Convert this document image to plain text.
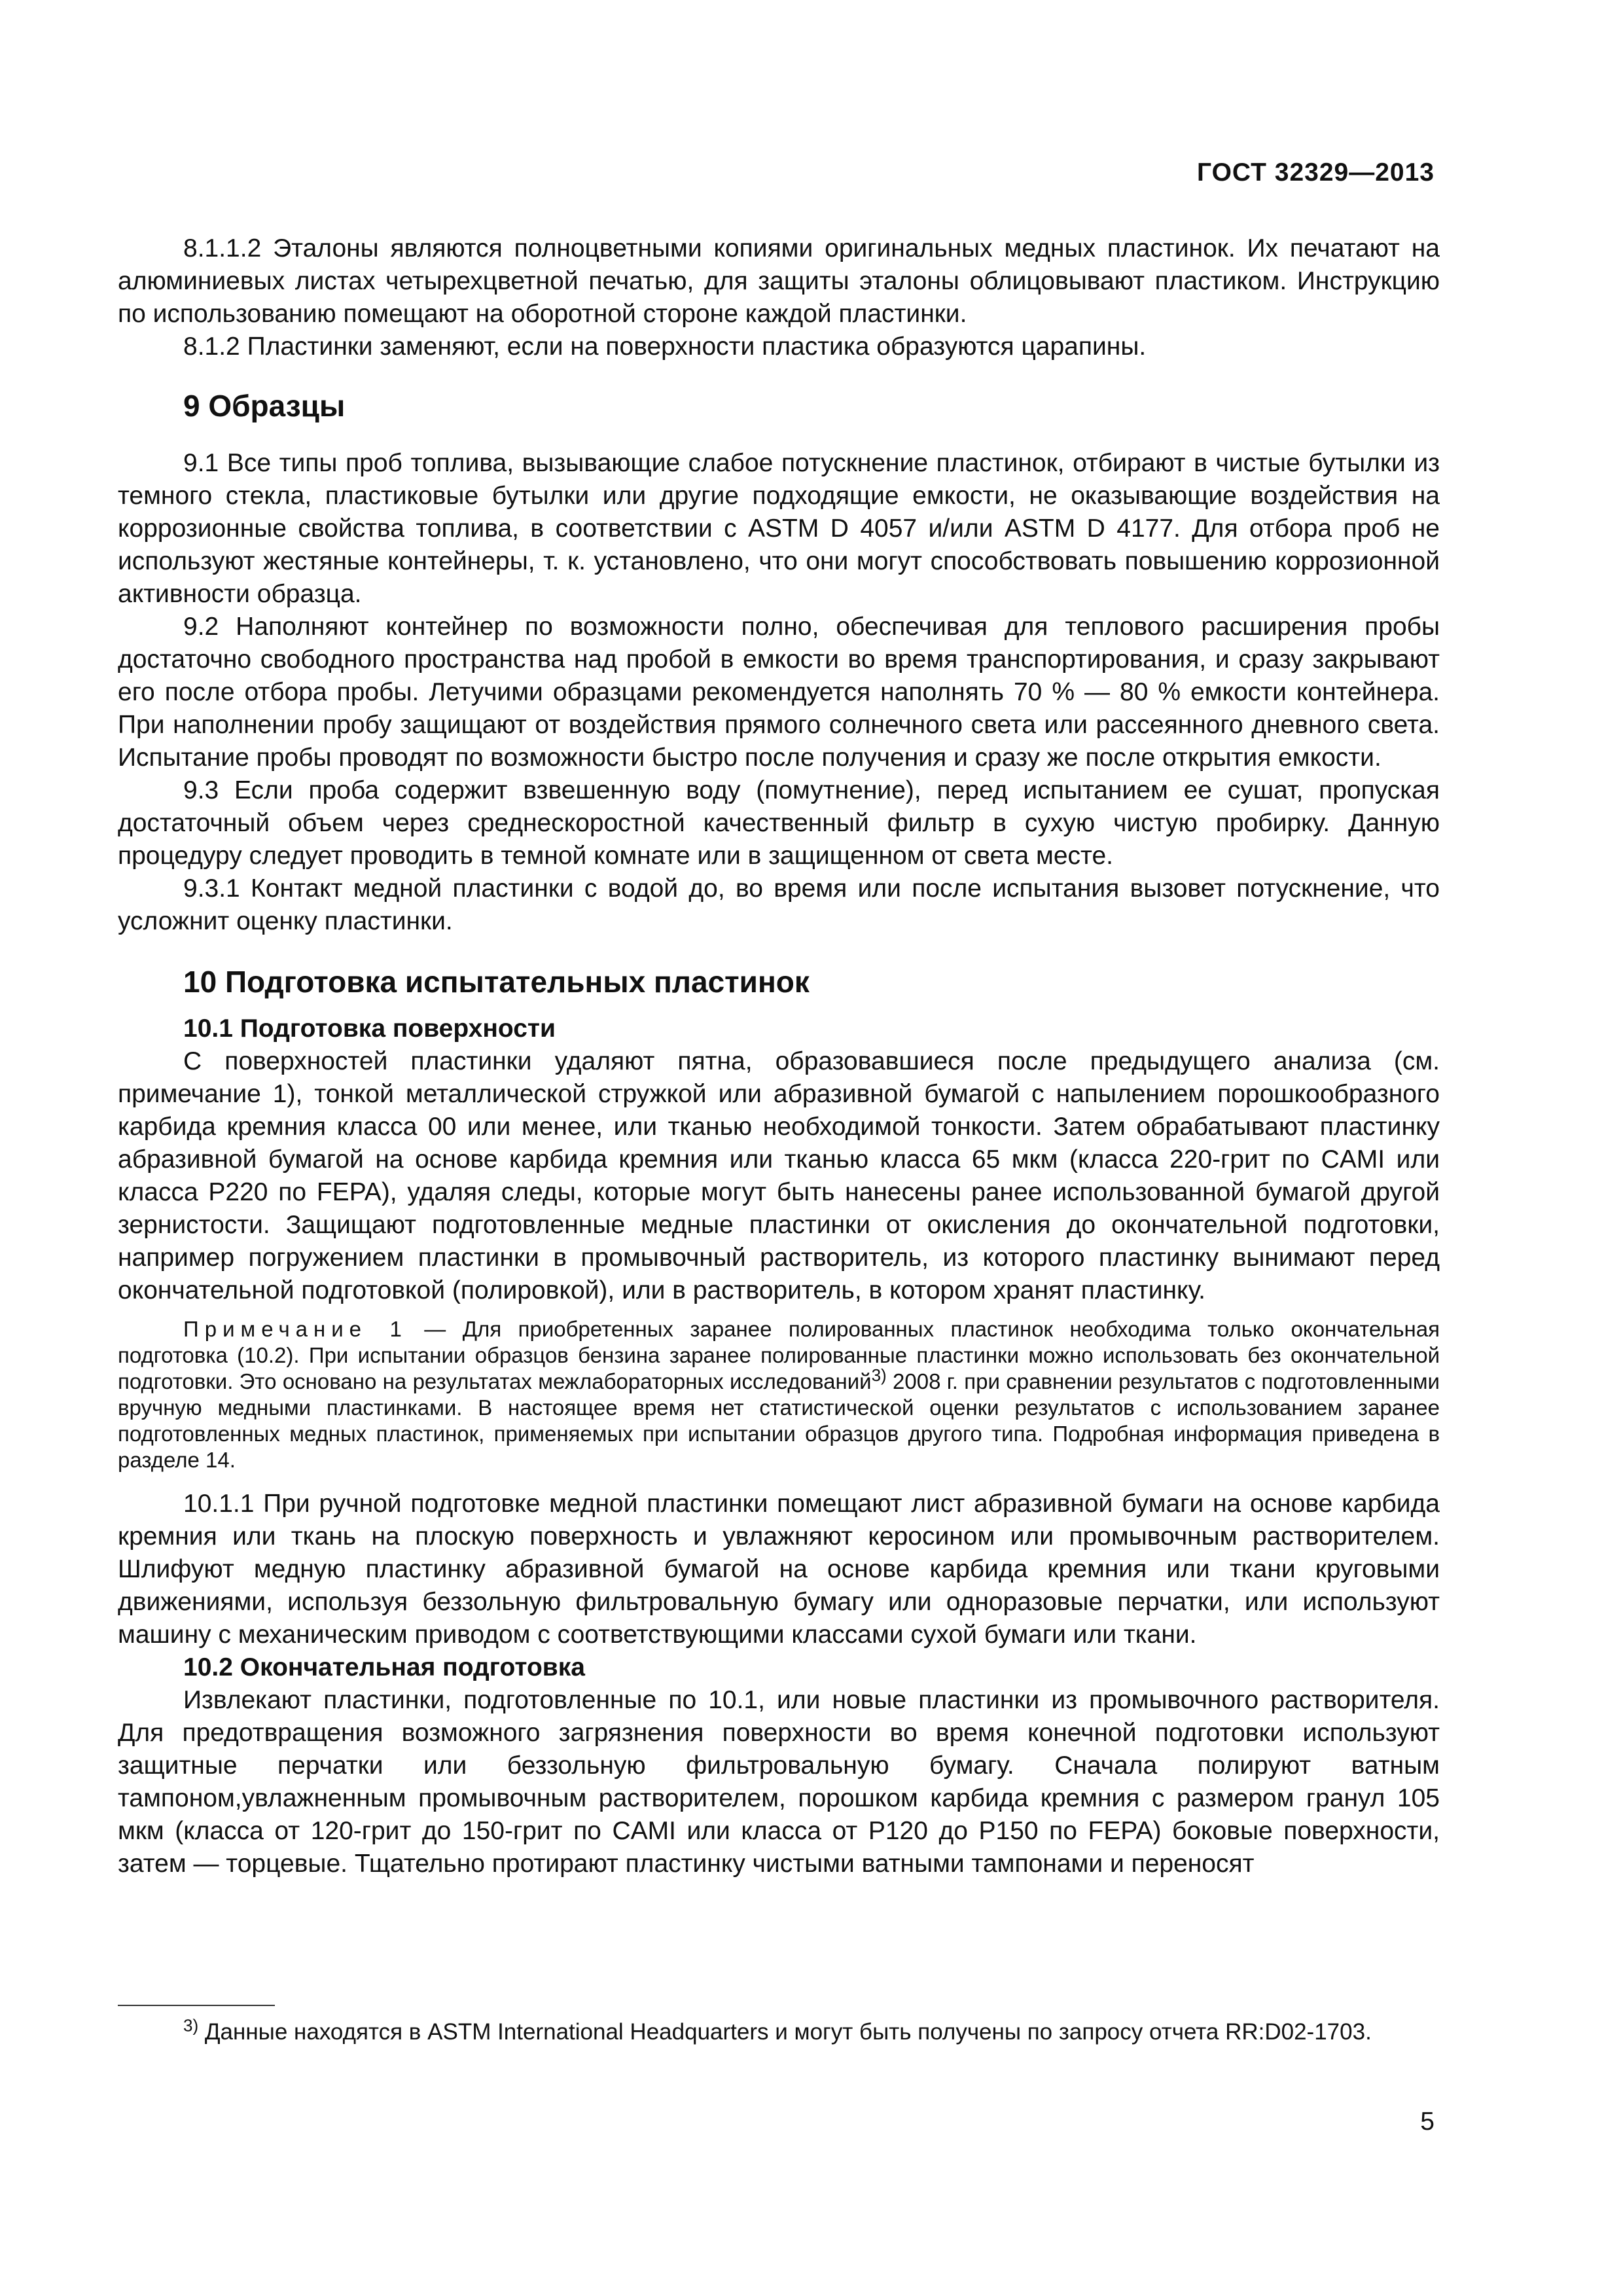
ГОСТ 32329—2013

8.1.1.2 Эталоны являются полноцветными копиями оригинальных медных пластинок. Их печатают на алюминиевых листах четырехцветной печатью, для защиты эталоны облицовывают пластиком. Инструкцию по использованию помещают на оборотной стороне каждой пластинки.

8.1.2 Пластинки заменяют, если на поверхности пластика образуются царапины.

9 Образцы

9.1 Все типы проб топлива, вызывающие слабое потускнение пластинок, отбирают в чистые бутылки из темного стекла, пластиковые бутылки или другие подходящие емкости, не оказывающие воздействия на коррозионные свойства топлива, в соответствии с ASTM D 4057 и/или ASTM D 4177. Для отбора проб не используют жестяные контейнеры, т. к. установлено, что они могут способствовать повышению коррозионной активности образца.

9.2 Наполняют контейнер по возможности полно, обеспечивая для теплового расширения пробы достаточно свободного пространства над пробой в емкости во время транспортирования, и сразу закрывают его после отбора пробы. Летучими образцами рекомендуется наполнять 70 % — 80 % емкости контейнера. При наполнении пробу защищают от воздействия прямого солнечного света или рассеянного дневного света. Испытание пробы проводят по возможности быстро после получения и сразу же после открытия емкости.

9.3 Если проба содержит взвешенную воду (помутнение), перед испытанием ее сушат, пропуская достаточный объем через среднескоростной качественный фильтр в сухую чистую пробирку. Данную процедуру следует проводить в темной комнате или в защищенном от света месте.

9.3.1 Контакт медной пластинки с водой до, во время или после испытания вызовет потускнение, что усложнит оценку пластинки.

10 Подготовка испытательных пластинок
10.1 Подготовка поверхности

С поверхностей пластинки удаляют пятна, образовавшиеся после предыдущего анализа (см. примечание 1), тонкой металлической стружкой или абразивной бумагой с напылением порошкообразного карбида кремния класса 00 или менее, или тканью необходимой тонкости. Затем обрабатывают пластинку абразивной бумагой на основе карбида кремния или тканью класса 65 мкм (класса 220-грит по CAMI или класса Р220 по FEPA), удаляя следы, которые могут быть нанесены ранее использованной бумагой другой зернистости. Защищают подготовленные медные пластинки от окисления до окончательной подготовки, например погружением пластинки в промывочный растворитель, из которого пластинку вынимают перед окончательной подготовкой (полировкой), или в растворитель, в котором хранят пластинку.

Примечание 1 — Для приобретенных заранее полированных пластинок необходима только окончательная подготовка (10.2). При испытании образцов бензина заранее полированные пластинки можно использовать без окончательной подготовки. Это основано на результатах межлабораторных исследований$^{3)}$ 2008 г. при сравнении результатов с подготовленными вручную медными пластинками. В настоящее время нет статистической оценки результатов с использованием заранее подготовленных медных пластинок, применяемых при испытании образцов другого типа. Подробная информация приведена в разделе 14.

10.1.1 При ручной подготовке медной пластинки помещают лист абразивной бумаги на основе карбида кремния или ткань на плоскую поверхность и увлажняют керосином или промывочным растворителем. Шлифуют медную пластинку абразивной бумагой на основе карбида кремния или ткани круговыми движениями, используя беззольную фильтровальную бумагу или одноразовые перчатки, или используют машину с механическим приводом с соответствующими классами сухой бумаги или ткани.

10.2 Окончательная подготовка

Извлекают пластинки, подготовленные по 10.1, или новые пластинки из промывочного растворителя. Для предотвращения возможного загрязнения поверхности во время конечной подготовки используют защитные перчатки или беззольную фильтровальную бумагу. Сначала полируют ватным тампоном,увлажненным промывочным растворителем, порошком карбида кремния с размером гранул 105 мкм (класса от 120-грит до 150-грит по CAMI или класса от Р120 до Р150 по FEPA) боковые поверхности, затем — торцевые. Тщательно протирают пластинку чистыми ватными тампонами и переносят

$^{3)}$ Данные находятся в ASTM International Headquarters и могут быть получены по запросу отчета RR:D02-1703.
5
